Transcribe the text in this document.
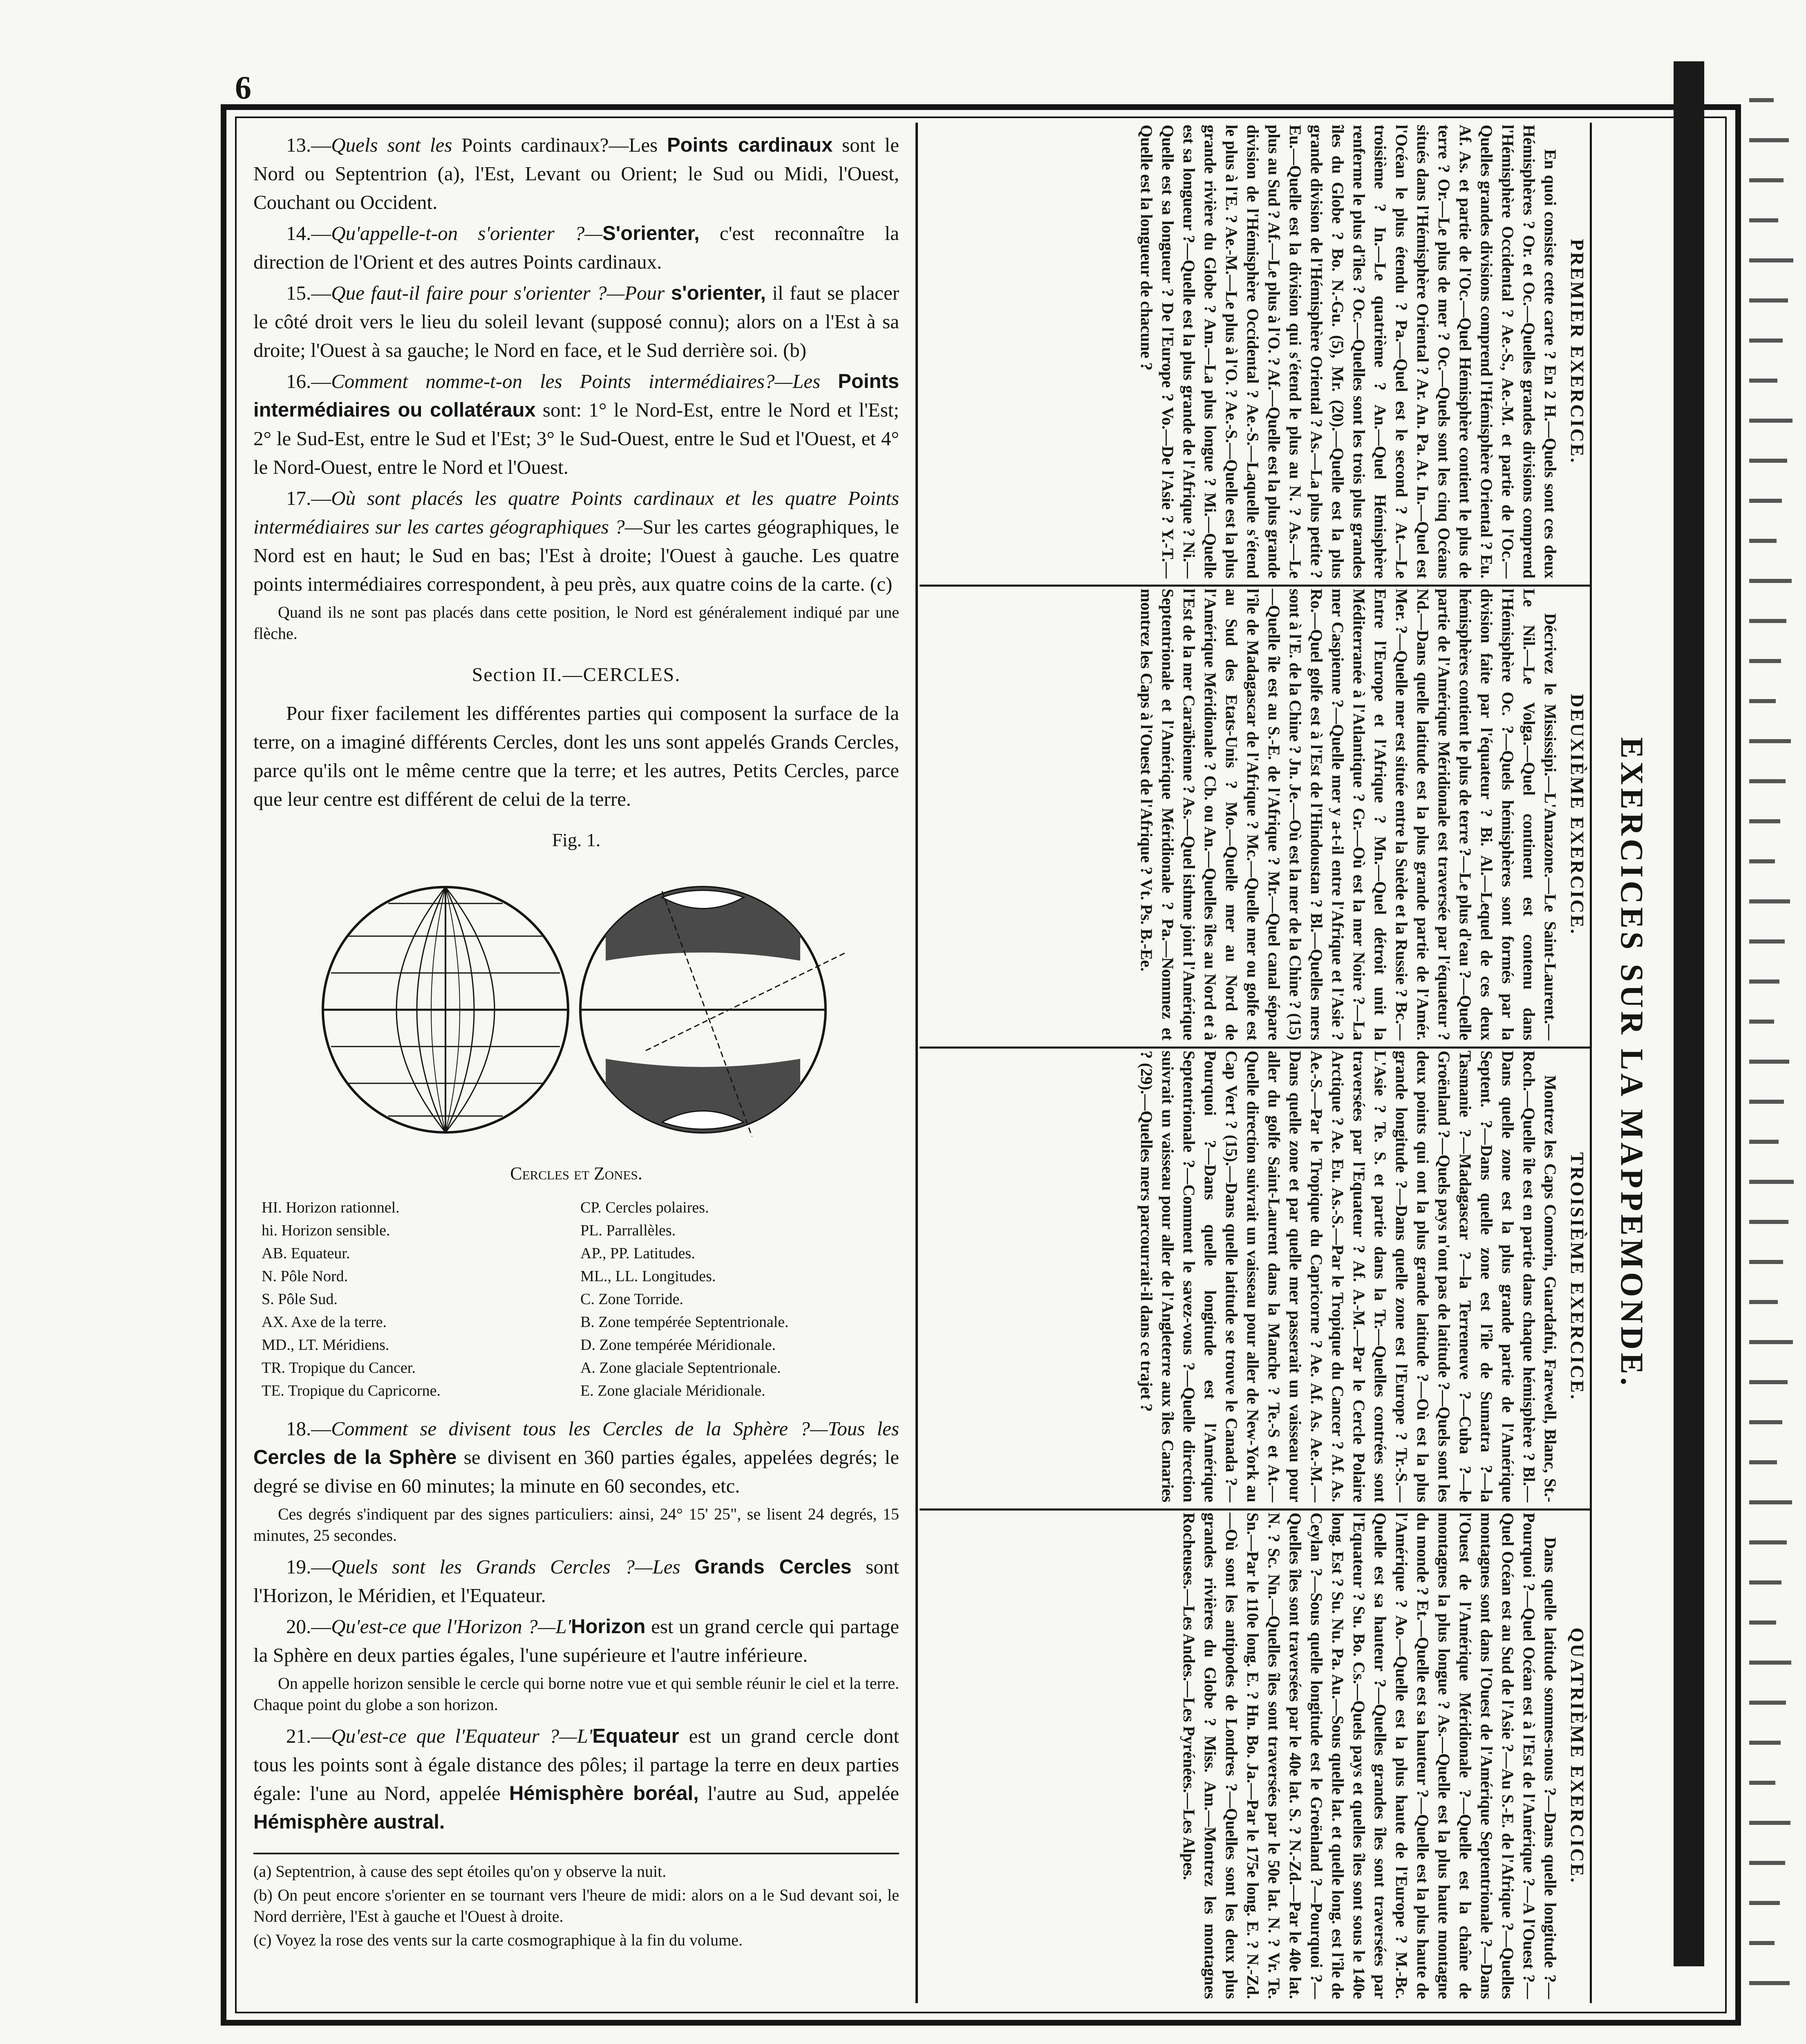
6

13.—Quels sont les Points cardinaux?—Les Points cardinaux sont le Nord ou Septentrion (a), l'Est, Levant ou Orient; le Sud ou Midi, l'Ouest, Couchant ou Occident.

14.—Qu'appelle-t-on s'orienter ?—S'orienter, c'est reconnaître la direction de l'Orient et des autres Points cardinaux.

15.—Que faut-il faire pour s'orienter ?—Pour s'orienter, il faut se placer le côté droit vers le lieu du soleil levant (supposé connu); alors on a l'Est à sa droite; l'Ouest à sa gauche; le Nord en face, et le Sud derrière soi. (b)

16.—Comment nomme-t-on les Points intermédiaires?—Les Points intermédiaires ou collatéraux sont: 1° le Nord-Est, entre le Nord et l'Est; 2° le Sud-Est, entre le Sud et l'Est; 3° le Sud-Ouest, entre le Sud et l'Ouest, et 4° le Nord-Ouest, entre le Nord et l'Ouest.

17.—Où sont placés les quatre Points cardinaux et les quatre Points intermédiaires sur les cartes géographiques ?—Sur les cartes géographiques, le Nord est en haut; le Sud en bas; l'Est à droite; l'Ouest à gauche. Les quatre points intermédiaires correspondent, à peu près, aux quatre coins de la carte. (c)

Quand ils ne sont pas placés dans cette position, le Nord est généralement indiqué par une flèche.

Section II.—CERCLES.

Pour fixer facilement les différentes parties qui composent la surface de la terre, on a imaginé différents Cercles, dont les uns sont appelés Grands Cercles, parce qu'ils ont le même centre que la terre; et les autres, Petits Cercles, parce que leur centre est différent de celui de la terre.

Fig. 1.
Cercles et Zones.
HI. Horizon rationnel.
hi. Horizon sensible.
AB. Equateur.
N. Pôle Nord.
S. Pôle Sud.
AX. Axe de la terre.
MD., LT. Méridiens.
TR. Tropique du Cancer.
TE. Tropique du Capricorne.
CP. Cercles polaires.
PL. Parrallèles.
AP., PP. Latitudes.
ML., LL. Longitudes.
C. Zone Torride.
B. Zone tempérée Septentrionale.
D. Zone tempérée Méridionale.
A. Zone glaciale Septentrionale.
E. Zone glaciale Méridionale.

18.—Comment se divisent tous les Cercles de la Sphère ?—Tous les Cercles de la Sphère se divisent en 360 parties égales, appelées degrés; le degré se divise en 60 minutes; la minute en 60 secondes, etc.

Ces degrés s'indiquent par des signes particuliers: ainsi, 24° 15' 25", se lisent 24 degrés, 15 minutes, 25 secondes.

19.—Quels sont les Grands Cercles ?—Les Grands Cercles sont l'Horizon, le Méridien, et l'Equateur.

20.—Qu'est-ce que l'Horizon ?—L'Horizon est un grand cercle qui partage la Sphère en deux parties égales, l'une supérieure et l'autre inférieure.

On appelle horizon sensible le cercle qui borne notre vue et qui semble réunir le ciel et la terre. Chaque point du globe a son horizon.

21.—Qu'est-ce que l'Equateur ?—L'Equateur est un grand cercle dont tous les points sont à égale distance des pôles; il partage la terre en deux parties égale: l'une au Nord, appelée Hémisphère boréal, l'autre au Sud, appelée Hémisphère austral.

(a) Septentrion, à cause des sept étoiles qu'on y observe la nuit.
(b) On peut encore s'orienter en se tournant vers l'heure de midi: alors on a le Sud devant soi, le Nord derrière, l'Est à gauche et l'Ouest à droite.
(c) Voyez la rose des vents sur la carte cosmographique à la fin du volume.
EXERCICES SUR LA MAPPEMONDE.
PREMIER EXERCICE.

En quoi consiste cette carte ? En 2 H.—Quels sont ces deux Hémisphères ? Or. et Oc.—Quelles grandes divisions comprend l'Hémisphère Occidental ? Ae.-S., Ae.-M. et partie de l'Oc.—Quelles grandes divisions comprend l'Hémisphère Oriental ? Eu. Af. As. et partie de l'Oc.—Quel Hémisphère contient le plus de terre ? Or.—Le plus de mer ? Oc.—Quels sont les cinq Océans situés dans l'Hémisphère Oriental ? Ar. An. Pa. At. In.—Quel est l'Océan le plus étendu ? Pa.—Quel est le second ? At.—Le troisième ? In.—Le quatrième ? An.—Quel Hémisphère renferme le plus d'îles ? Oc.—Quelles sont les trois plus grandes îles du Globe ? Bo. N.-Gu. (5), Mr. (20).—Quelle est la plus grande division de l'Hémisphère Oriental ? As.—La plus petite ? Eu.—Quelle est la division qui s'étend le plus au N. ? As.—Le plus au Sud ? Af.—Le plus à l'O. ? Af.—Quelle est la plus grande division de l'Hémisphère Occidental ? Ae.-S.—Laquelle s'étend le plus à l'E. ? Ae.-M.—Le plus à l'O. ? Ae.-S.—Quelle est la plus grande rivière du Globe ? Am.—La plus longue ? Mi.—Quelle est sa longueur ?—Quelle est la plus grande de l'Afrique ? Ni.—Quelle est sa longueur ? De l'Europe ? Vo.—De l'Asie ? Y.-T.—Quelle est la longueur de chacune ?

DEUXIÈME EXERCICE.

Décrivez le Mississipi.—L'Amazone.—Le Saint-Laurent.—Le Nil.—Le Volga.—Quel continent est contenu dans l'Hémisphère Oc. ?—Quels hémisphères sont formés par la division faite par l'équateur ? Bi. Al.—Lequel de ces deux hémisphères contient le plus de terre ?—Le plus d'eau ?—Quelle partie de l'Amérique Méridionale est traversée par l'équateur ? Nd.—Dans quelle latitude est la plus grande partie de l'Amér. Mer. ?—Quelle mer est située entre la Suède et la Russie ? Bc.—Entre l'Europe et l'Afrique ? Mn.—Quel détroit unit la Méditerranée à l'Atlantique ? Gr.—Où est la mer Noire ?—La mer Caspienne ?—Quelle mer y a-t-il entre l'Afrique et l'Asie ? Ro.—Quel golfe est à l'Est de l'Hindoustan ? Bl.—Quelles mers sont à l'E. de la Chine ? Jn. Je.—Où est la mer de la Chine ? (15)—Quelle île est au S.-E. de l'Afrique ? Mr.—Quel canal sépare l'île de Madagascar de l'Afrique ? Mc.—Quelle mer ou golfe est au Sud des Etats-Unis ? Mo.—Quelle mer au Nord de l'Amérique Méridionale ? Cb. ou An.—Quelles îles au Nord et à l'Est de la mer Caraïbienne ? As.—Quel isthme joint l'Amérique Septentrionale et l'Amérique Méridionale ? Pa.—Nommez et montrez les Caps à l'Ouest de l'Afrique ? Vt. Ps. B.-Ee.

TROISIÈME EXERCICE.

Montrez les Caps Comorin, Guardafui, Farewell, Blanc, St.-Roch.—Quelle île est en partie dans chaque hémisphère ? Bl.—Dans quelle zone est la plus grande partie de l'Amérique Septent. ?—Dans quelle zone est l'île de Sumatra ?—la Tasmanie ?—Madagascar ?—la Terreneuve ?—Cuba ?—le Groënland ?—Quels pays n'ont pas de latitude ?—Quels sont les deux points qui ont la plus grande latitude ?—Où est la plus grande longitude ?—Dans quelle zone est l'Europe ? Tr.-S.—L'Asie ? Te. S. et partie dans la Tr.—Quelles contrées sont traversées par l'Equateur ? Af. A.-M.—Par le Cercle Polaire Arctique ? Ae. Eu. As.-S.—Par le Tropique du Cancer ? Af. As. Ae.-S.—Par le Tropique du Capricorne ? Ae. Af. As. Ae.-M.—Dans quelle zone et par quelle mer passerait un vaisseau pour aller du golfe Saint-Laurent dans la Manche ? Te.-S et At.—Quelle direction suivrait un vaisseau pour aller de New-York au Cap Vert ? (15).—Dans quelle latitude se trouve le Canada ?—Pourquoi ?—Dans quelle longitude est l'Amérique Septentrionale ?—Comment le savez-vous ?—Quelle direction suivrait un vaisseau pour aller de l'Angleterre aux îles Canaries ? (29).—Quelles mers parcourrait-il dans ce trajet ?

QUATRIÈME EXERCICE.

Dans quelle latitude sommes-nous ?—Dans quelle longitude ?—Pourquoi ?—Quel Océan est à l'Est de l'Amérique ?—A l'Ouest ?—Quel Océan est au Sud de l'Asie ?—Au S.-E. de l'Afrique ?—Quelles montagnes sont dans l'Ouest de l'Amérique Septentrionale ?—Dans l'Ouest de l'Amérique Méridionale ?—Quelle est la chaîne de montagnes la plus longue ? As.—Quelle est la plus haute montagne du monde ? Et.—Quelle est sa hauteur ?—Quelle est la plus haute de l'Amérique ? Ao.—Quelle est la plus haute de l'Europe ? M.-Bc. Quelle est sa hauteur ?—Quelles grandes îles sont traversées par l'Equateur ? Su. Bo. Cs.—Quels pays et quelles îles sont sous le 140e long. Est ? Su. Nu. Pa. Au.—Sous quelle lat. et quelle long. est l'île de Ceylan ?—Sous quelle longitude est le Groënland ?—Pourquoi ?—Quelles îles sont traversées par le 40e lat. S. ? N.-Zd.—Par le 40e lat. N. ? Sc. Nn.—Quelles îles sont traversées par le 50e lat. N. ? Vr. Te. Sn.—Par le 110e long. E. ? Hn. Bo. Ja.—Par le 175e long. E. ? N.-Zd.—Où sont les antipodes de Londres ?—Quelles sont les deux plus grandes rivières du Globe ? Miss. Am.—Montrez les montagnes Rocheuses.—Les Andes.—Les Pyrénées.—Les Alpes.
